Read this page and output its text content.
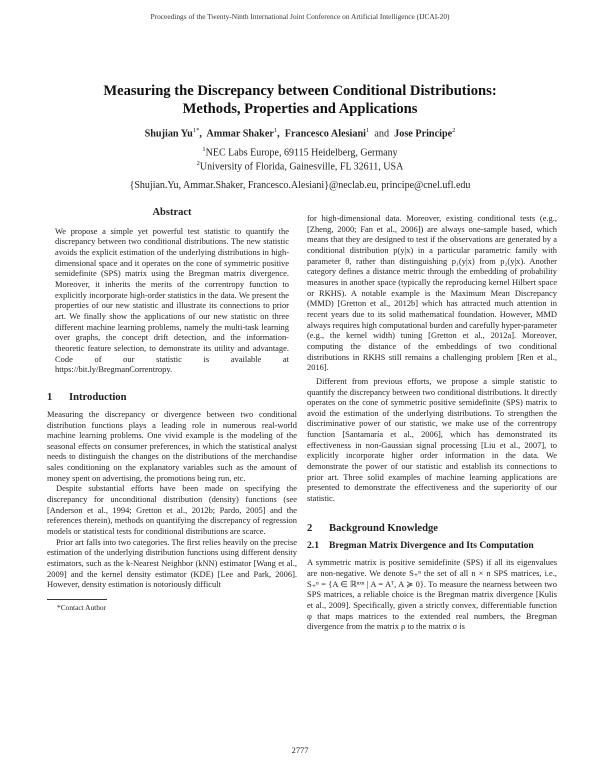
Proceedings of the Twenty-Ninth International Joint Conference on Artificial Intelligence (IJCAI-20)
Measuring the Discrepancy between Conditional Distributions:
Methods, Properties and Applications
Shujian $Yu^{1*}$,  Ammar Shaker$^1$,  Francesco Alesiani$^1$ and Jose Principe$^2$
$^1$NEC Labs Europe, 69115 Heidelberg, Germany
$^2$University of Florida, Gainesville, FL 32611, USA
{Shujian.Yu, Ammar.Shaker, Francesco.Alesiani}@neclab.eu, principe@cnel.ufl.edu
Abstract

We propose a simple yet powerful test statistic to quantify the discrepancy between two conditional distributions. The new statistic avoids the explicit estimation of the underlying distributions in high-dimensional space and it operates on the cone of symmetric positive semidefinite (SPS) matrix using the Bregman matrix divergence. Moreover, it inherits the merits of the correntropy function to explicitly incorporate high-order statistics in the data. We present the properties of our new statistic and illustrate its connections to prior art. We finally show the applications of our new statistic on three different machine learning problems, namely the multi-task learning over graphs, the concept drift detection, and the information-theoretic feature selection, to demonstrate its utility and advantage. Code of our statistic is available at https://bit.ly/BregmanCorrentropy.

1 Introduction

Measuring the discrepancy or divergence between two conditional distribution functions plays a leading role in numerous real-world machine learning problems. One vivid example is the modeling of the seasonal effects on consumer preferences, in which the statistical analyst needs to distinguish the changes on the distributions of the merchandise sales conditioning on the explanatory variables such as the amount of money spent on advertising, the promotions being run, etc.

Despite substantial efforts have been made on specifying the discrepancy for unconditional distribution (density) functions (see [Anderson et al., 1994; Gretton et al., 2012b; Pardo, 2005] and the references therein), methods on quantifying the discrepancy of regression models or statistical tests for conditional distributions are scarce.

Prior art falls into two categories. The first relies heavily on the precise estimation of the underlying distribution functions using different density estimators, such as the k-Nearest Neighbor (kNN) estimator [Wang et al., 2009] and the kernel density estimator (KDE) [Lee and Park, 2006]. However, density estimation is notoriously difficult

*Contact Author

for high-dimensional data. Moreover, existing conditional tests (e.g., [Zheng, 2000; Fan et al., 2006]) are always one-sample based, which means that they are designed to test if the observations are generated by a conditional distribution p(y|x) in a particular parametric family with parameter θ, rather than distinguishing p₁(y|x) from p₂(y|x). Another category defines a distance metric through the embedding of probability measures in another space (typically the reproducing kernel Hilbert space or RKHS). A notable example is the Maximum Mean Discrepancy (MMD) [Gretton et al., 2012b] which has attracted much attention in recent years due to its solid mathematical foundation. However, MMD always requires high computational burden and carefully hyper-parameter (e.g., the kernel width) tuning [Gretton et al., 2012a]. Moreover, computing the distance of the embeddings of two conditional distributions in RKHS still remains a challenging problem [Ren et al., 2016].

Different from previous efforts, we propose a simple statistic to quantify the discrepancy between two conditional distributions. It directly operates on the cone of symmetric positive semidefinite (SPS) matrix to avoid the estimation of the underlying distributions. To strengthen the discriminative power of our statistic, we make use of the correntropy function [Santamaría et al., 2006], which has demonstrated its effectiveness in non-Gaussian signal processing [Liu et al., 2007], to explicitly incorporate higher order information in the data. We demonstrate the power of our statistic and establish its connections to prior art. Three solid examples of machine learning applications are presented to demonstrate the effectiveness and the superiority of our statistic.

2 Background Knowledge
2.1	Bregman Matrix Divergence and Its Computation

A symmetric matrix is positive semidefinite (SPS) if all its eigenvalues are non-negative. We denote S₊ⁿ the set of all n × n SPS matrices, i.e., S₊ⁿ = {A ∈ ℝⁿˣⁿ | A = Aᵀ, A ≽ 0}. To measure the nearness between two SPS matrices, a reliable choice is the Bregman matrix divergence [Kulis et al., 2009]. Specifically, given a strictly convex, differentiable function φ that maps matrices to the extended real numbers, the Bregman divergence from the matrix ρ to the matrix σ is

2777
